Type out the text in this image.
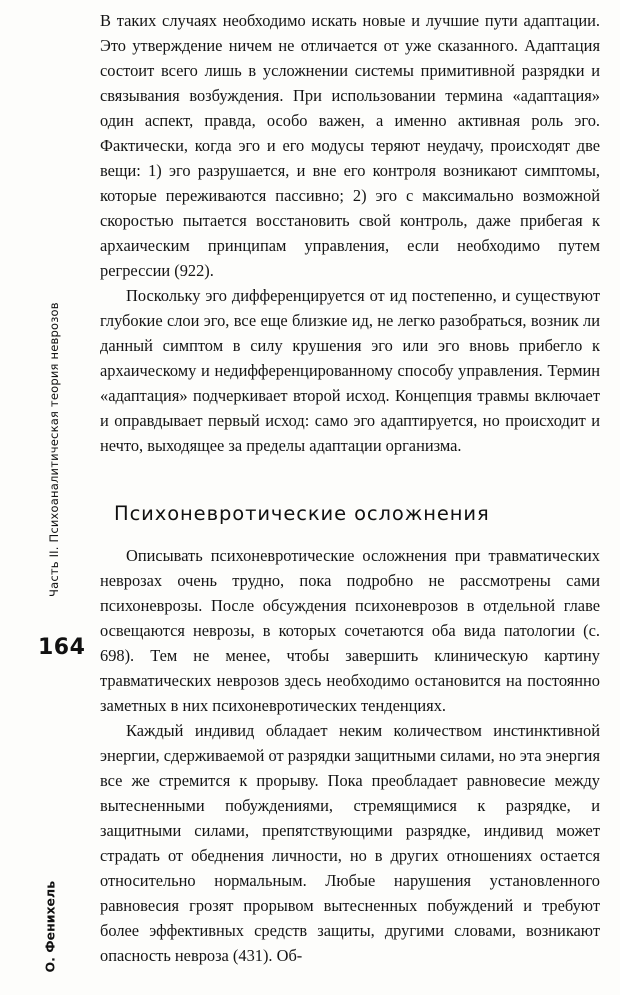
Часть II. Психоаналитическая теория неврозов
164
О. Фенихель

В таких случаях необходимо искать новые и лучшие пути адаптации. Это утверждение ничем не отличается от уже сказанного. Адаптация состоит всего лишь в усложнении системы примитивной разрядки и связывания возбуждения. При использовании термина «адаптация» один аспект, правда, особо важен, а именно активная роль эго. Фактически, когда эго и его модусы теряют неудачу, происходят две вещи: 1) эго разрушается, и вне его контроля возникают симптомы, которые переживаются пассивно; 2) эго с максимально возможной скоростью пытается восстановить свой контроль, даже прибегая к архаическим принципам управления, если необходимо путем регрессии (922).

Поскольку эго дифференцируется от ид постепенно, и существуют глубокие слои эго, все еще близкие ид, не легко разобраться, возник ли данный симптом в силу крушения эго или эго вновь прибегло к архаическому и недифференцированному способу управления. Термин «адаптация» подчеркивает второй исход. Концепция травмы включает и оправдывает первый исход: само эго адаптируется, но происходит и нечто, выходящее за пределы адаптации организма.

Психоневротические осложнения

Описывать психоневротические осложнения при травматических неврозах очень трудно, пока подробно не рассмотрены сами психоневрозы. После обсуждения психоневрозов в отдельной главе освещаются неврозы, в которых сочетаются оба вида патологии (с. 698). Тем не менее, чтобы завершить клиническую картину травматических неврозов здесь необходимо остановится на постоянно заметных в них психоневротических тенденциях.

Каждый индивид обладает неким количеством инстинктивной энергии, сдерживаемой от разрядки защитными силами, но эта энергия все же стремится к прорыву. Пока преобладает равновесие между вытесненными побуждениями, стремящимися к разрядке, и защитными силами, препятствующими разрядке, индивид может страдать от обеднения личности, но в других отношениях остается относительно нормальным. Любые нарушения установленного равновесия грозят прорывом вытесненных побуждений и требуют более эффективных средств защиты, другими словами, возникают опасность невроза (431). Об-
